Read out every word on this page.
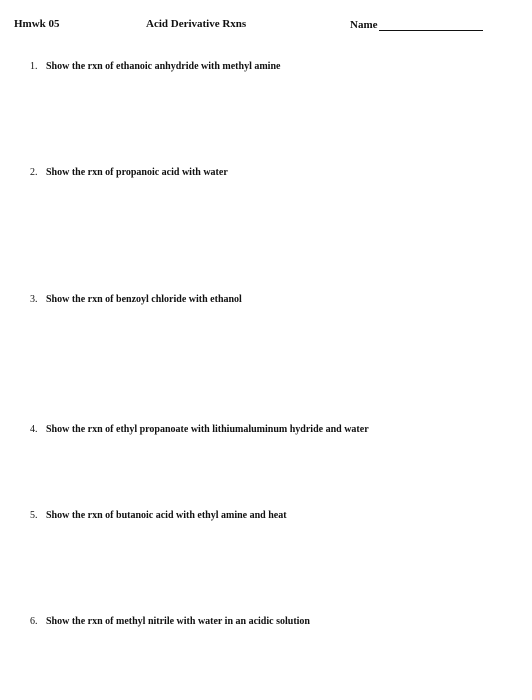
Hmwk 05	Acid Derivative Rxns	Name
1. Show the rxn of ethanoic anhydride with methyl amine
2. Show the rxn of propanoic acid with water
3. Show the rxn of benzoyl chloride with ethanol
4. Show the rxn of ethyl propanoate with lithiumaluminum hydride and water
5. Show the rxn of butanoic acid with ethyl amine and heat
6. Show the rxn of methyl nitrile with water in an acidic solution
